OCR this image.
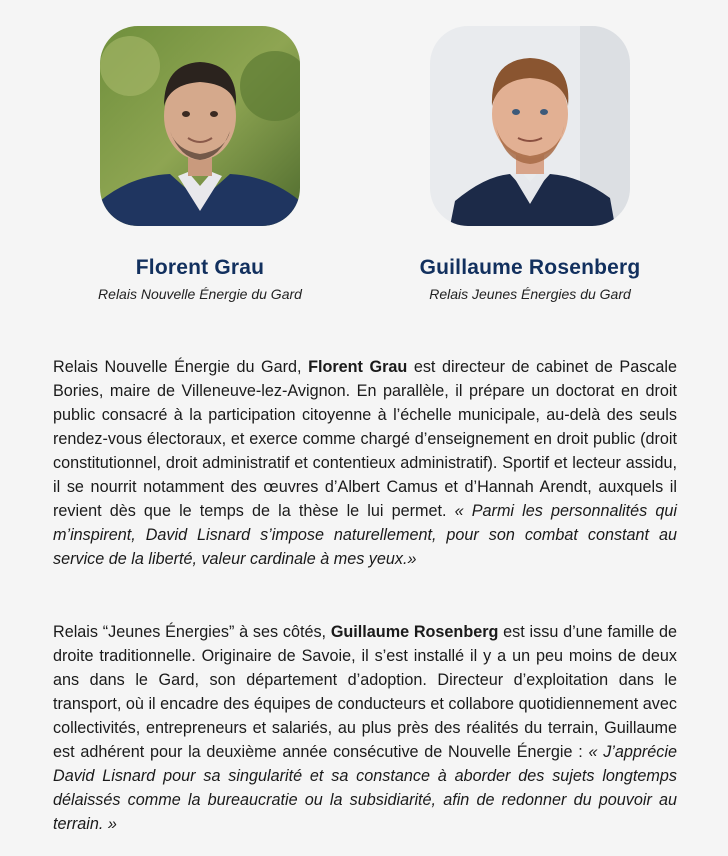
Florent Grau
Relais Nouvelle Énergie du Gard
Guillaume Rosenberg
Relais Jeunes Énergies du Gard

Relais Nouvelle Énergie du Gard, Florent Grau est directeur de cabinet de Pascale Bories, maire de Villeneuve-lez-Avignon. En parallèle, il prépare un doctorat en droit public consacré à la participation citoyenne à l’échelle municipale, au-delà des seuls rendez-vous électoraux, et exerce comme chargé d’enseignement en droit public (droit constitutionnel, droit administratif et contentieux administratif). Sportif et lecteur assidu, il se nourrit notamment des œuvres d’Albert Camus et d’Hannah Arendt, auxquels il revient dès que le temps de la thèse le lui permet. « Parmi les personnalités qui m’inspirent, David Lisnard s’impose naturellement, pour son combat constant au service de la liberté, valeur cardinale à mes yeux.»

Relais “Jeunes Énergies” à ses côtés, Guillaume Rosenberg est issu d’une famille de droite traditionnelle. Originaire de Savoie, il s’est installé il y a un peu moins de deux ans dans le Gard, son département d’adoption. Directeur d’exploitation dans le transport, où il encadre des équipes de conducteurs et collabore quotidiennement avec collectivités, entrepreneurs et salariés, au plus près des réalités du terrain, Guillaume est adhérent pour la deuxième année consécutive de Nouvelle Énergie : « J’apprécie David Lisnard pour sa singularité et sa constance à aborder des sujets longtemps délaissés comme la bureaucratie ou la subsidiarité, afin de redonner du pouvoir au terrain. »
